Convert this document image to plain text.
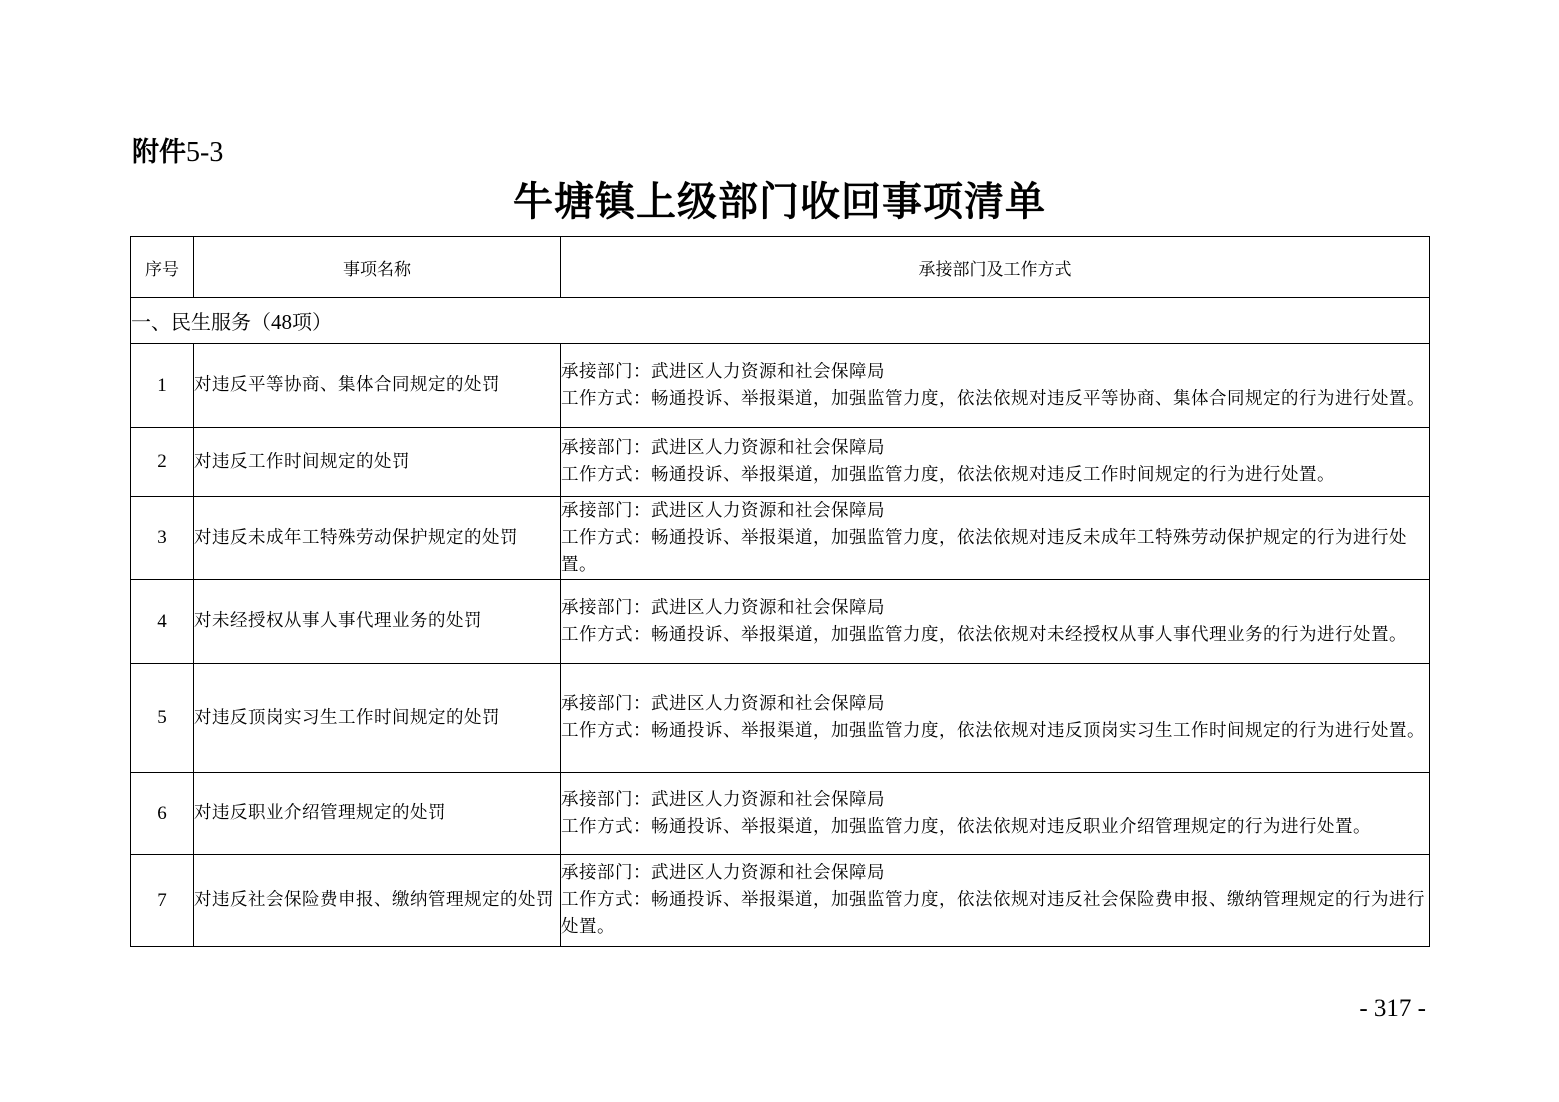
附件5-3
牛塘镇上级部门收回事项清单
序号	事项名称	承接部门及工作方式
一、民生服务（48项）		
1	对违反平等协商、集体合同规定的处罚	承接部门：武进区人力资源和社会保障局
工作方式：畅通投诉、举报渠道，加强监管力度，依法依规对违反平等协商、集体合同规定的行为进行处置。

2	对违反工作时间规定的处罚	承接部门：武进区人力资源和社会保障局
工作方式：畅通投诉、举报渠道，加强监管力度，依法依规对违反工作时间规定的行为进行处置。

3	对违反未成年工特殊劳动保护规定的处罚	承接部门：武进区人力资源和社会保障局
工作方式：畅通投诉、举报渠道，加强监管力度，依法依规对违反未成年工特殊劳动保护规定的行为进行处置。

4	对未经授权从事人事代理业务的处罚	承接部门：武进区人力资源和社会保障局
工作方式：畅通投诉、举报渠道，加强监管力度，依法依规对未经授权从事人事代理业务的行为进行处置。

5	对违反顶岗实习生工作时间规定的处罚	承接部门：武进区人力资源和社会保障局
工作方式：畅通投诉、举报渠道，加强监管力度，依法依规对违反顶岗实习生工作时间规定的行为进行处置。

6	对违反职业介绍管理规定的处罚	承接部门：武进区人力资源和社会保障局
工作方式：畅通投诉、举报渠道，加强监管力度，依法依规对违反职业介绍管理规定的行为进行处置。

7	对违反社会保险费申报、缴纳管理规定的处罚	承接部门：武进区人力资源和社会保障局
工作方式：畅通投诉、举报渠道，加强监管力度，依法依规对违反社会保险费申报、缴纳管理规定的行为进行处置。
- 317 -
